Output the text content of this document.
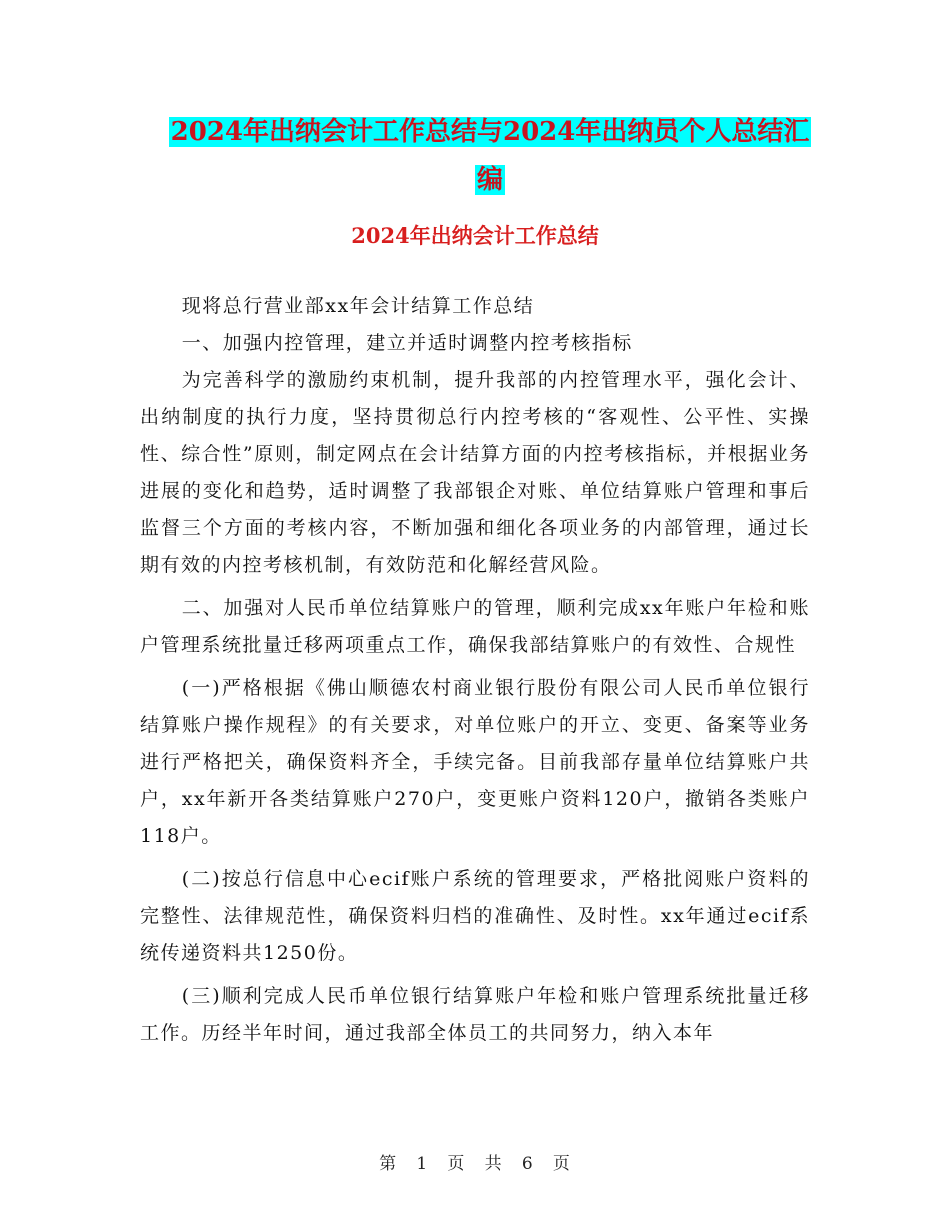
2024年出纳会计工作总结与2024年出纳员个人总结汇
编
2024年出纳会计工作总结

现将总行营业部xx年会计结算工作总结

一、加强内控管理，建立并适时调整内控考核指标

为完善科学的激励约束机制，提升我部的内控管理水平，强化会计、出纳制度的执行力度，坚持贯彻总行内控考核的“客观性、公平性、实操性、综合性”原则，制定网点在会计结算方面的内控考核指标，并根据业务进展的变化和趋势，适时调整了我部银企对账、单位结算账户管理和事后监督三个方面的考核内容，不断加强和细化各项业务的内部管理，通过长期有效的内控考核机制，有效防范和化解经营风险。

二、加强对人民币单位结算账户的管理，顺利完成xx年账户年检和账户管理系统批量迁移两项重点工作，确保我部结算账户的有效性、合规性

(一)严格根据《佛山顺德农村商业银行股份有限公司人民币单位银行结算账户操作规程》的有关要求，对单位账户的开立、变更、备案等业务进行严格把关，确保资料齐全，手续完备。目前我部存量单位结算账户共户，xx年新开各类结算账户270户，变更账户资料120户，撤销各类账户118户。

(二)按总行信息中心ecif账户系统的管理要求，严格批阅账户资料的完整性、法律规范性，确保资料归档的准确性、及时性。xx年通过ecif系统传递资料共1250份。

(三)顺利完成人民币单位银行结算账户年检和账户管理系统批量迁移工作。历经半年时间，通过我部全体员工的共同努力，纳入本年

第 1 页 共 6 页
